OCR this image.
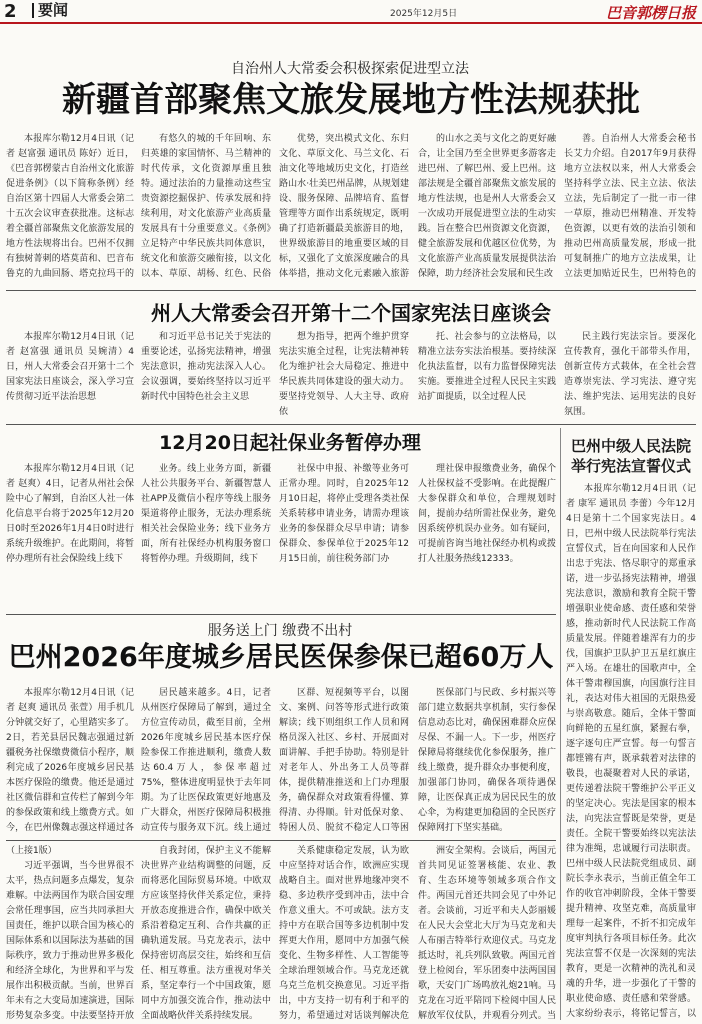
2	要闻	2025年12月5日	巴音郭楞日报
自治州人大常委会积极探索促进型立法
新疆首部聚焦文旅发展地方性法规获批

本报库尔勒12月4日讯（记者 赵富强 通讯员 陈好）近日，《巴音郭楞蒙古自治州文化旅游促进条例》（以下简称条例）经自治区第十四届人大常委会第二十五次会议审查获批准。这标志着全疆首部聚焦文化旅游发展的地方性法规将出台。巴州不仅拥有独树菁刺的塔莫苗和、巴音布鲁克的九曲回肠、塔克拉玛干的

有悠久的城的千年回响、东归英雄的家国情怀、马兰精神的时代传承，文化资源厚重且独特。通过法治的力量推动这些宝贵资源挖掘保护、传承发展和持续利用，对文化旅游产业高质量发展具有十分重要意义。《条例》立足特产中华民族共同体意识，统文化和旅游交融衔接，以文化以本、草原、胡杨、红色、民俗

优势，突出模式文化、东归文化、草原文化、马兰文化、石油文化等地域历史文化，打造丝路山水·壮美巴州品牌，从规划建设、服务保障、品牌培育、监督管理等方面作出系统规定，既明确了打造新疆最美旅游目的地，世界级旅游目的地重要区域的目标，又强化了文旅深度融合的具体举措，推动文化元素融入旅游

的山水之美与文化之韵更好融合，让全国乃至全世界更多游客走进巴州、了解巴州、爱上巴州。这部法规是全疆首部聚焦文旅发展的地方性法规，也是州人大常委会又一次成功开展促进型立法的生动实践。旨在整合巴州资源文化资源，健全旅游发展和优越区位优势，为文化旅游产业高质量发展提供法治保障，助力经济社会发展和民生改

善。自治州人大常委会秘书长艾力介绍。自2017年9月获得地方立法权以来，州人大常委会坚持科学立法、民主立法、依法立法，先后制定了一批一市一律一草原，推动巴州精准、开发特色资源，以更有效的法治引领和推动巴州高质量发展，形成一批可复制推广的地方立法成果，让立法更加贴近民生，巴州特色的

州人大常委会召开第十二个国家宪法日座谈会

本报库尔勒12月4日讯（记者 赵富强 通讯员 吴婉清）4日，州人大常委会召开第十二个国家宪法日座谈会，深入学习宣传贯彻习近平法治思想

和习近平总书记关于宪法的重要论述，弘扬宪法精神，增强宪法意识，推动宪法深入人心。会议强调，要始终坚持以习近平新时代中国特色社会主义思

想为指导，把两个维护贯穿宪法实施全过程，让宪法精神转化为维护社会大局稳定、推进中华民族共同体建设的强大动力。要坚持党领导、人大主导、政府依

托、社会参与的立法格局，以精准立法夯实法治根基。要持续深化执法监督，以有力监督保障宪法实施。要推进全过程人民民主实践站扩面提质，以全过程人民

民主践行宪法宗旨。要深化宣传教育，强化干部带头作用，创新宣传方式载体，在全社会营造尊崇宪法、学习宪法、遵守宪法、维护宪法、运用宪法的良好氛围。

12月20日起社保业务暂停办理

本报库尔勒12月4日讯（记者 赵爽）4日，记者从州社会保险中心了解到，自治区人社一体化信息平台将于2025年12月20日0时至2026年1月4日0时进行系统升级维护。在此期间，将暂停办理所有社会保险线上线下

业务。线上业务方面，新疆人社公共服务平台、新疆智慧人社APP及微信小程序等线上服务渠道将停止服务，无法办理系统相关社会保险业务；线下业务方面，所有社保经办机构服务窗口将暂停办理。升级期间，线下

社保中申报、补缴等业务可正常办理。同时，自2025年12月10日起，将停止受理各类社保关系转移申请业务，请需办理该业务的参保群众尽早申请；请参保群众、参保单位于2025年12月15日前，前往税务部门办

理社保申报缴费业务，确保个人社保权益不受影响。在此提醒广大参保群众和单位，合理规划时间，提前办结所需社保业务，避免因系统停机误办业务。如有疑问，可提前咨询当地社保经办机构或拨打人社服务热线12333。

巴州中级人民法院举行宪法宣誓仪式

本报库尔勒12月4日讯（记者 康军 通讯员 李蕾）今年12月4日是第十二个国家宪法日。4日，巴州中级人民法院举行宪法宣誓仪式，旨在向国家和人民作出忠于宪法、恪尽职守的郑重承诺，进一步弘扬宪法精神，增强宪法意识，激励和教育全院干警增强职业使命感、责任感和荣誉感，推动新时代人民法院工作高质量发展。伴随着雄浑有力的步伐，国旗护卫队护卫五星红旗庄严入场。在雄壮的国歌声中，全体干警肃穆国旗，向国旗行注目礼，表达对伟大祖国的无限热爱与崇高敬意。随后，全体干警面向鲜艳的五星红旗，紧握右拳，逐字逐句庄严宣誓。每一句誓言都铿锵有声，既承载着对法律的敬畏，也凝聚着对人民的承诺，更传递着法院干警维护公平正义的坚定决心。宪法是国家的根本法，向宪法宣誓既是荣誉，更是责任。全院干警要始终以宪法法律为准绳，忠诚履行司法职责。巴州中级人民法院党组成员、副院长李永表示，当前正值全年工作的收官冲刺阶段，全体干警要提升精神、攻坚克难，高质量审理每一起案件，不折不扣完成年度审判执行各项目标任务。此次宪法宣誓不仅是一次深刻的宪法教育，更是一次精神的洗礼和灵魂的升华，进一步强化了干警的职业使命感、责任感和荣誉感。大家纷纷表示，将铭记誓言，以

服务送上门 缴费不出村
巴州2026年度城乡居民医保参保已超60万人

本报库尔勒12月4日讯（记者 赵爽 通讯员 张萱）用手机几分钟就交好了，心里踏实多了。2日，若羌县居民魏志强通过新疆税务社保缴费微信小程序，顺利完成了2026年度城乡居民基本医疗保险的缴费。他还是通过社区微信群和宣传栏了解到今年的参保政策和线上缴费方式。如今，在巴州像魏志强这样通过各

居民越来越多。4日，记者从州医疗保障局了解到，通过全方位宣传动员，截至目前，全州2026年度城乡居民基本医疗保险参保工作推进顺利，缴费人数达60.4万人，参保率超过75%，整体进度明显快于去年同期。为了让医保政策更好地惠及广大群众，州医疗保障局积极推动宣传与服务双下沉。线上通过

区群、短视频等平台，以图文、案例、问答等形式进行政策解读；线下则组织工作人员和网格员深入社区、乡村、开展面对面讲解、手把手协助。特别是针对老年人、外出务工人员等群体，提供精准推送和上门办理服务，确保群众对政策看得懂、算得清、办得顺。针对低保对象、特困人员、脱贫不稳定人口等困

医保部门与民政、乡村振兴等部门建立数据共享机制，实行参保信息动态比对，确保困难群众应保尽保、不漏一人。下一步，州医疗保障局将继续优化参保服务，推广线上缴费，提升群众办事便利度，加强部门协同，确保各项待遇保障，让医保真正成为居民民生的放心伞，为构建更加稳固的全民医疗保障网打下坚实基础。

（上接1版）

习近平强调，当今世界很不太平，热点问题多点爆发，复杂难解。中法两国作为联合国安理会常任理事国，应当共同承担大国责任，维护以联合国为核心的国际体系和以国际法为基础的国际秩序，致力于推动世界多极化和经济全球化，为世界和平与发展作出积极贡献。当前，世界百年未有之大变局加速演进，国际形势复杂多变。中法要坚持开放

自我封闭，保护主义不能解决世界产业结构调整的问题，反而将恶化国际贸易环境。中欧双方应该坚持伙伴关系定位，秉持开放态度推进合作，确保中欧关系沿着稳定互利、合作共赢的正确轨道发展。马克龙表示，法中保持密切高层交往，始终和互信任、相互尊重。法方重视对华关系，坚定奉行一个中国政策，愿同中方加强交流合作，推动法中全面战略伙伴关系持续发展。

关系健康稳定发展，认为欧中应坚持对话合作，欧洲应实现战略自主。面对世界地缘冲突不稳、多边秩序受到冲击，法中合作意义重大。不可或缺。法方支持中方在联合国等多边机制中发挥更大作用，愿同中方加强气候变化、生物多样性、人工智能等全球治理领域合作。马克龙还就乌克兰危机交换意见。习近平指出，中方支持一切有利于和平的努力，希望通过对话谈判解决危

洲安全架构。会谈后，两国元首共同见证签署核能、农业、教育、生态环境等领域多项合作文件。两国元首还共同会见了中外记者。会谈前，习近平和夫人彭丽媛在人民大会堂北大厅为马克龙和夫人布丽吉特举行欢迎仪式。马克龙抵达时，礼兵列队致敬。两国元首登上检阅台，军乐团奏中法两国国歌，天安门广场鸣放礼炮21响。马克龙在习近平陪同下检阅中国人民解放军仪仗队，并观看分列式。当
